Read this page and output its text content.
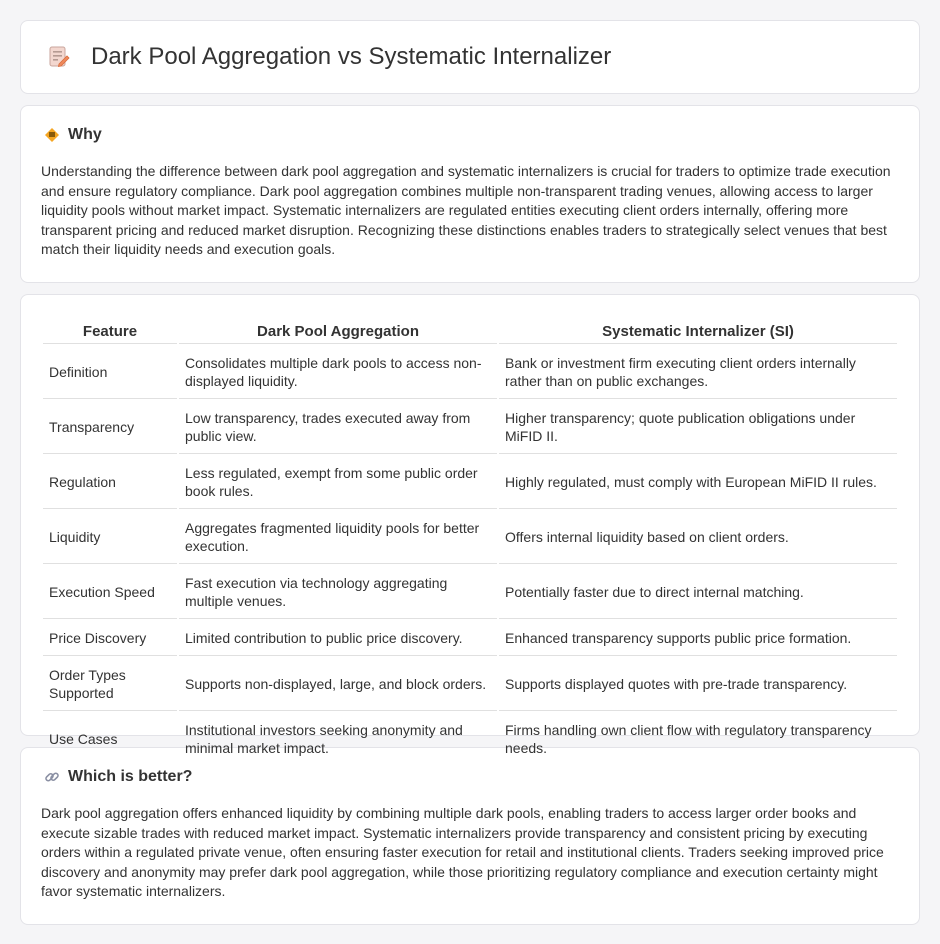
Dark Pool Aggregation vs Systematic Internalizer
Why

Understanding the difference between dark pool aggregation and systematic internalizers is crucial for traders to optimize trade execution and ensure regulatory compliance. Dark pool aggregation combines multiple non-transparent trading venues, allowing access to larger liquidity pools without market impact. Systematic internalizers are regulated entities executing client orders internally, offering more transparent pricing and reduced market disruption. Recognizing these distinctions enables traders to strategically select venues that best match their liquidity needs and execution goals.

Feature	Dark Pool Aggregation	Systematic Internalizer (SI)
Definition	Consolidates multiple dark pools to access non-displayed liquidity.	Bank or investment firm executing client orders internally rather than on public exchanges.
Transparency	Low transparency, trades executed away from public view.	Higher transparency; quote publication obligations under MiFID II.
Regulation	Less regulated, exempt from some public order book rules.	Highly regulated, must comply with European MiFID II rules.
Liquidity	Aggregates fragmented liquidity pools for better execution.	Offers internal liquidity based on client orders.
Execution Speed	Fast execution via technology aggregating multiple venues.	Potentially faster due to direct internal matching.
Price Discovery	Limited contribution to public price discovery.	Enhanced transparency supports public price formation.
Order Types Supported	Supports non-displayed, large, and block orders.	Supports displayed quotes with pre-trade transparency.
Use Cases	Institutional investors seeking anonymity and minimal market impact.	Firms handling own client flow with regulatory transparency needs.
Which is better?

Dark pool aggregation offers enhanced liquidity by combining multiple dark pools, enabling traders to access larger order books and execute sizable trades with reduced market impact. Systematic internalizers provide transparency and consistent pricing by executing orders within a regulated private venue, often ensuring faster execution for retail and institutional clients. Traders seeking improved price discovery and anonymity may prefer dark pool aggregation, while those prioritizing regulatory compliance and execution certainty might favor systematic internalizers.
